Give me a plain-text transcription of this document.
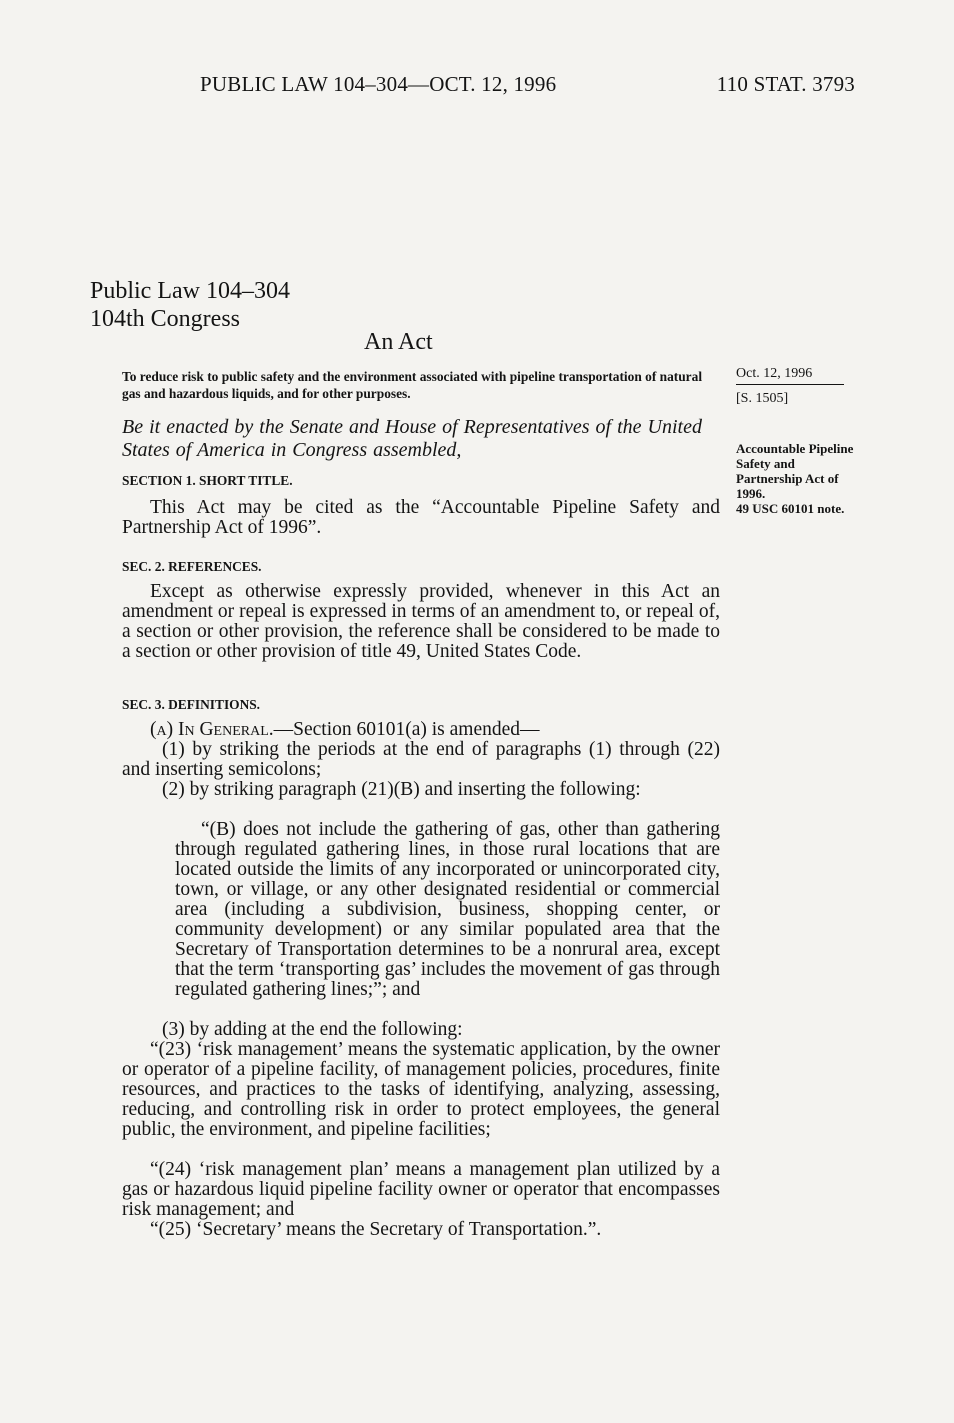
PUBLIC LAW 104–304—OCT. 12, 1996	110 STAT. 3793
Public Law 104–304
104th Congress
An Act
To reduce risk to public safety and the environment associated with pipeline transportation of natural gas and hazardous liquids, and for other purposes.
Be it enacted by the Senate and House of Representatives of the United States of America in Congress assembled,
Oct. 12, 1996
[S. 1505]
Accountable Pipeline Safety and Partnership Act of 1996.
49 USC 60101 note.
SECTION 1. SHORT TITLE.
This Act may be cited as the “Accountable Pipeline Safety and Partnership Act of 1996”.
SEC. 2. REFERENCES.
Except as otherwise expressly provided, whenever in this Act an amendment or repeal is expressed in terms of an amendment to, or repeal of, a section or other provision, the reference shall be considered to be made to a section or other provision of title 49, United States Code.
SEC. 3. DEFINITIONS.
(a) In General.—Section 60101(a) is amended—
(1) by striking the periods at the end of paragraphs (1) through (22) and inserting semicolons;
(2) by striking paragraph (21)(B) and inserting the following:
“(B) does not include the gathering of gas, other than gathering through regulated gathering lines, in those rural locations that are located outside the limits of any incorporated or unincorporated city, town, or village, or any other designated residential or commercial area (including a subdivision, business, shopping center, or community development) or any similar populated area that the Secretary of Transportation determines to be a nonrural area, except that the term ‘transporting gas’ includes the movement of gas through regulated gathering lines;”; and
(3) by adding at the end the following:
“(23) ‘risk management’ means the systematic application, by the owner or operator of a pipeline facility, of management policies, procedures, finite resources, and practices to the tasks of identifying, analyzing, assessing, reducing, and controlling risk in order to protect employees, the general public, the environment, and pipeline facilities;
“(24) ‘risk management plan’ means a management plan utilized by a gas or hazardous liquid pipeline facility owner or operator that encompasses risk management; and
“(25) ‘Secretary’ means the Secretary of Transportation.”.
